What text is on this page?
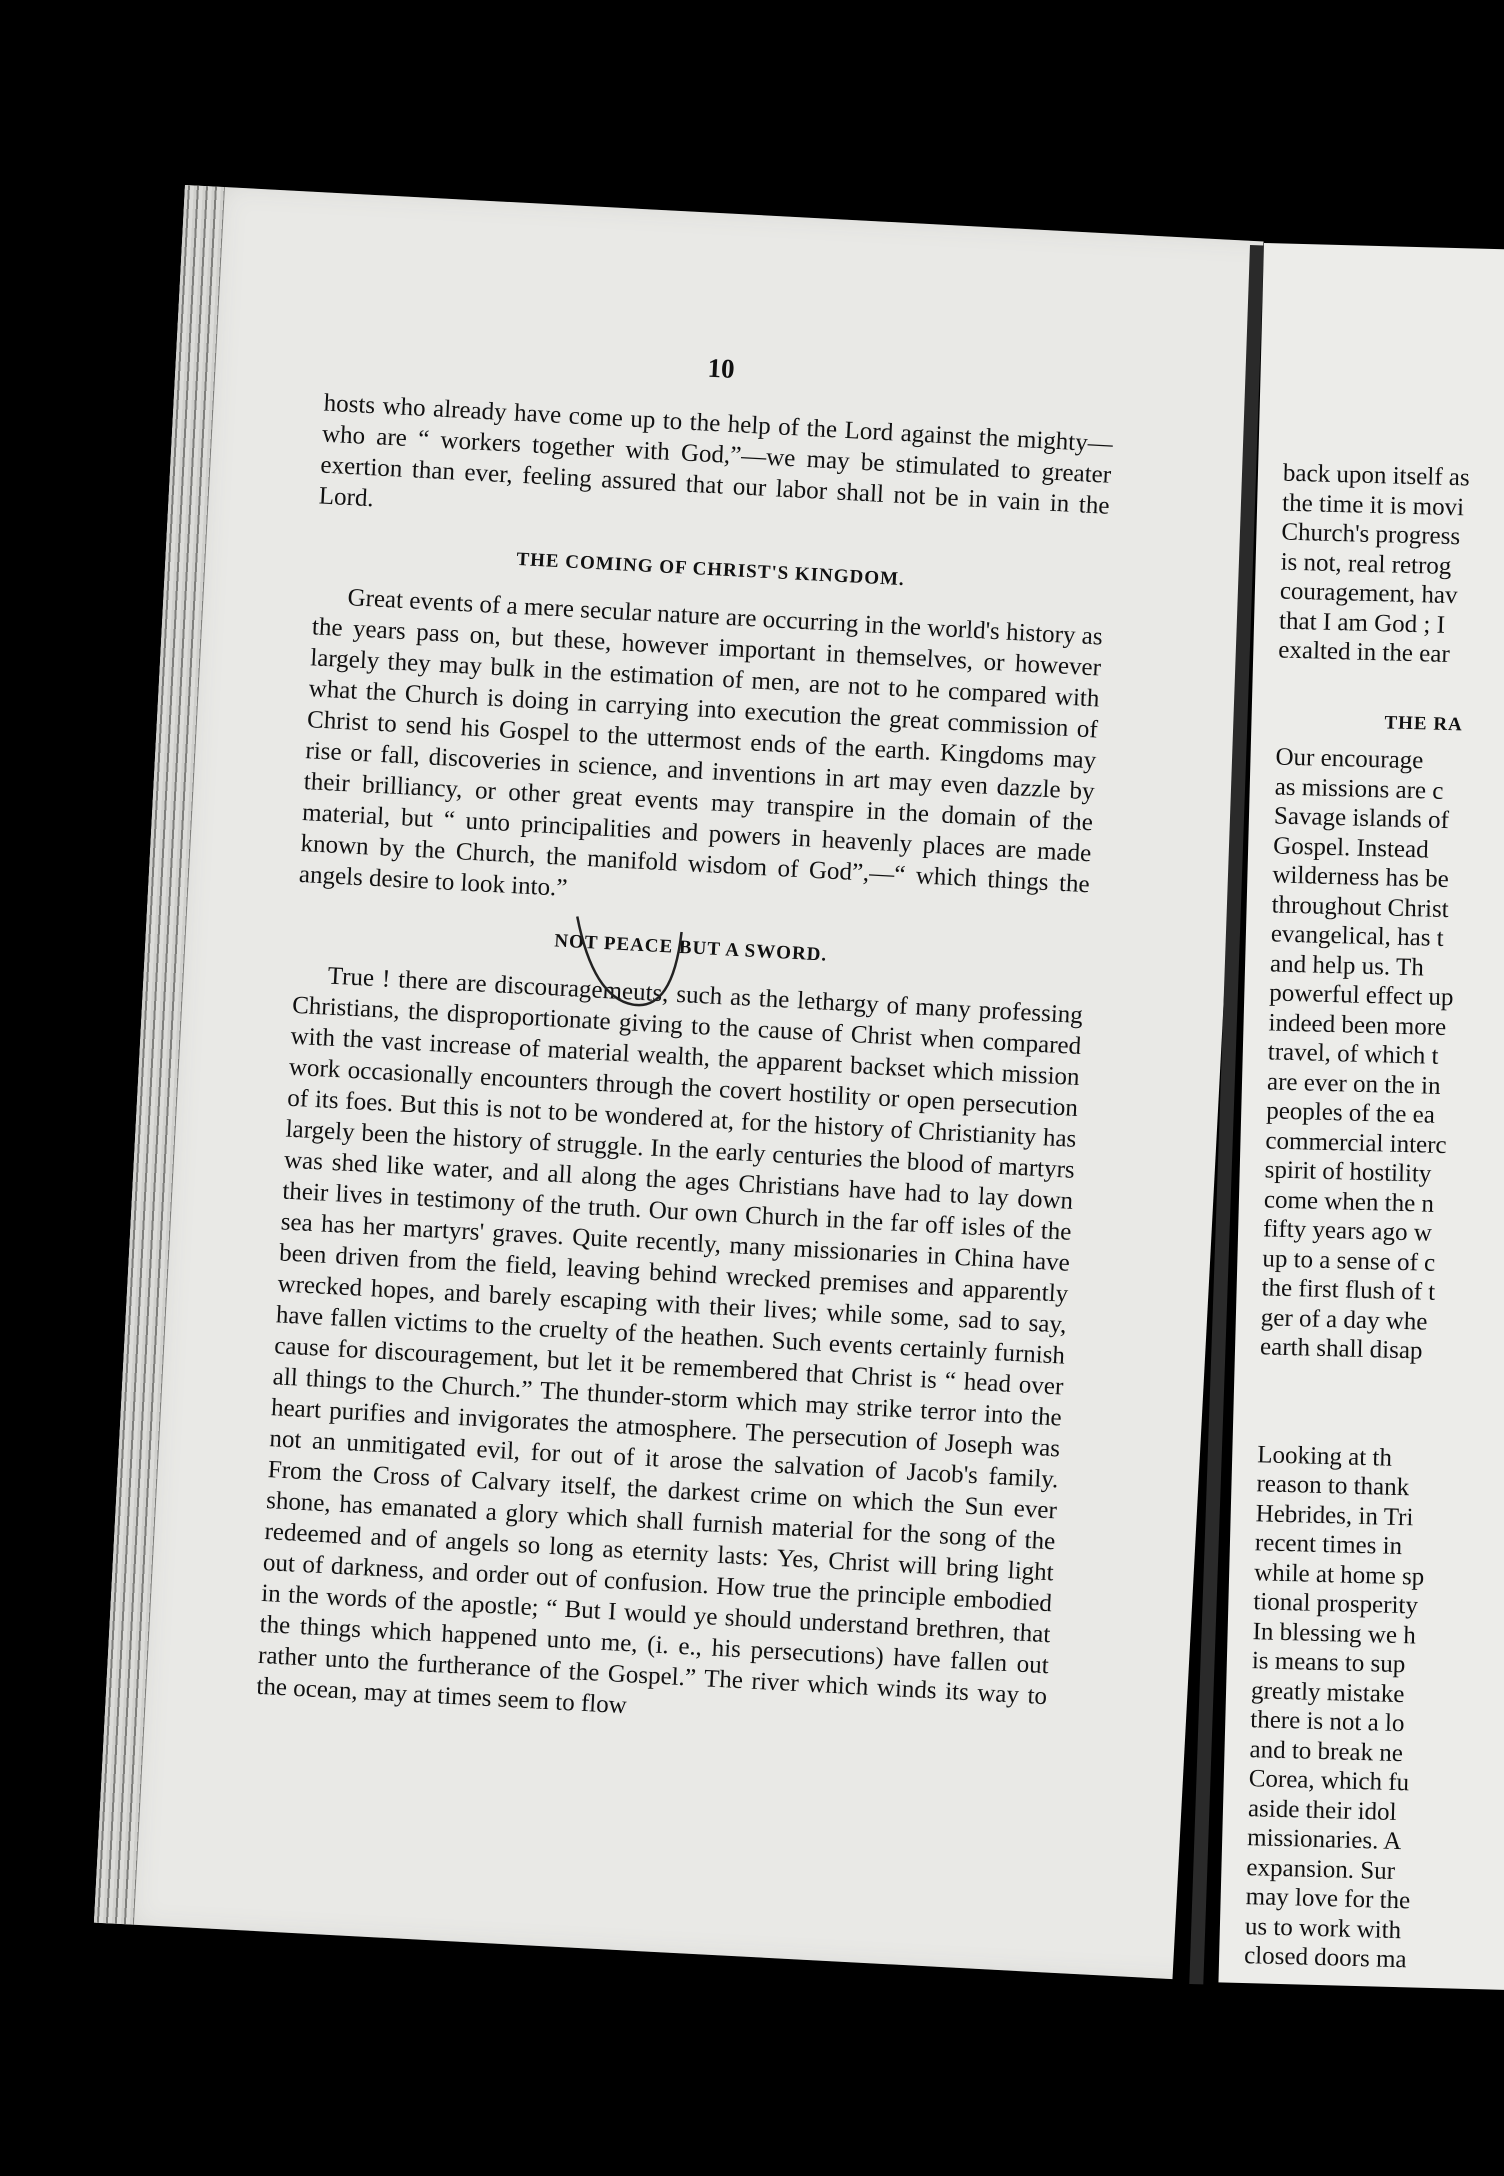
10

hosts who already have come up to the help of the Lord against the mighty—who are “ workers together with God,”—we may be stimulated to greater exertion than ever, feeling assured that our labor shall not be in vain in the Lord.

THE COMING OF CHRIST'S KINGDOM.

Great events of a mere secular nature are occurring in the world's history as the years pass on, but these, however important in themselves, or however largely they may bulk in the estimation of men, are not to he compared with what the Church is doing in carrying into execution the great commission of Christ to send his Gospel to the uttermost ends of the earth. Kingdoms may rise or fall, discoveries in science, and inventions in art may even dazzle by their brilliancy, or other great events may transpire in the domain of the material, but “ unto principalities and powers in heavenly places are made known by the Church, the manifold wisdom of God”,—“ which things the angels desire to look into.”

NOT PEACE BUT A SWORD.

True ! there are discouragemeuts, such as the lethargy of many professing Christians, the disproportionate giving to the cause of Christ when compared with the vast increase of material wealth, the apparent backset which mission work occasionally encounters through the covert hostility or open persecution of its foes. But this is not to be wondered at, for the history of Christianity has largely been the history of struggle. In the early centuries the blood of martyrs was shed like water, and all along the ages Christians have had to lay down their lives in testimony of the truth. Our own Church in the far off isles of the sea has her martyrs' graves. Quite recently, many missionaries in China have been driven from the field, leaving behind wrecked premises and apparently wrecked hopes, and barely escaping with their lives; while some, sad to say, have fallen victims to the cruelty of the heathen. Such events certainly furnish cause for discouragement, but let it be remembered that Christ is “ head over all things to the Church.” The thunder-storm which may strike terror into the heart purifies and invigorates the atmosphere. The persecution of Joseph was not an unmitigated evil, for out of it arose the salvation of Jacob's family. From the Cross of Calvary itself, the darkest crime on which the Sun ever shone, has emanated a glory which shall furnish material for the song of the redeemed and of angels so long as eternity lasts: Yes, Christ will bring light out of darkness, and order out of confusion. How true the principle embodied in the words of the apostle; “ But I would ye should understand brethren, that the things which happened unto me, (i. e., his persecutions) have fallen out rather unto the furtherance of the Gospel.” The river which winds its way to the ocean, may at times seem to flow

back upon itself as
the time it is movi
Church's progress
is not, real retrog
couragement, hav
that I am God ; I
exalted in the ear
THE RA
Our encourage
as missions are c
Savage islands of
Gospel. Instead
wilderness has be
throughout Christ
evangelical, has t
and help us. Th
powerful effect up
indeed been more
travel, of which t
are ever on the in
peoples of the ea
commercial interc
spirit of hostility
come when the n
fifty years ago w
up to a sense of c
the first flush of t
ger of a day whe
earth shall disap
Looking at th
reason to thank
Hebrides, in Tri
recent times in
while at home sp
tional prosperity
In blessing we h
is means to sup
greatly mistake
there is not a lo
and to break ne
Corea, which fu
aside their idol
missionaries. A
expansion. Sur
may love for the
us to work with
closed doors ma
